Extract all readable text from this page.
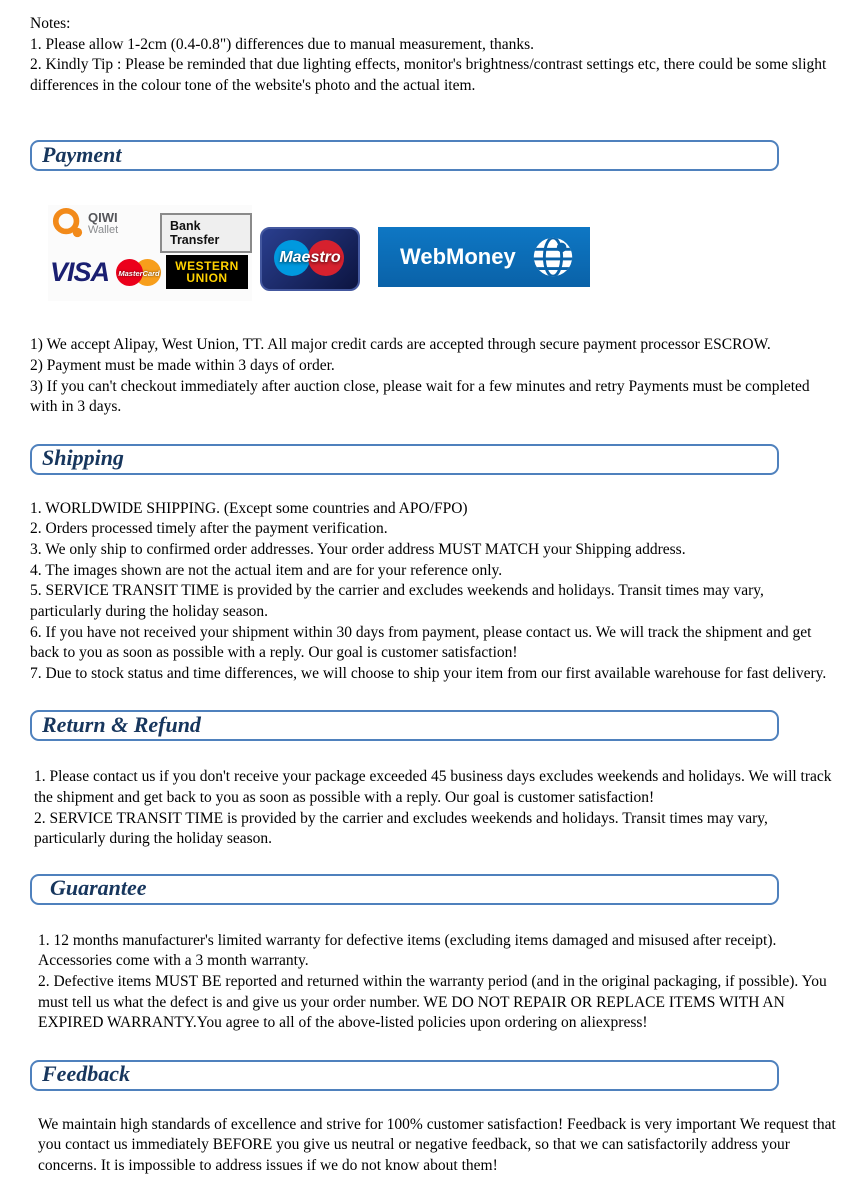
Notes:

1. Please allow 1-2cm (0.4-0.8") differences due to manual measurement, thanks.

2. Kindly Tip : Please be reminded that due lighting effects, monitor's brightness/contrast settings etc, there could be some slight differences in the colour tone of the website's photo and the actual item.

Payment
QIWI
Wallet	Bank Transfer
VISA	MasterCard
WESTERN
UNION
Maestro	WebMoney

1) We accept Alipay, West Union, TT. All major credit cards are accepted through secure payment processor ESCROW.

2) Payment must be made within 3 days of order.

3) If you can't checkout immediately after auction close, please wait for a few minutes and retry Payments must be completed with in 3 days.

Shipping

1. WORLDWIDE SHIPPING. (Except some countries and APO/FPO)

2. Orders processed timely after the payment verification.

3. We only ship to confirmed order addresses. Your order address MUST MATCH your Shipping address.

4. The images shown are not the actual item and are for your reference only.

5. SERVICE TRANSIT TIME is provided by the carrier and excludes weekends and holidays. Transit times may vary, particularly during the holiday season.

6. If you have not received your shipment within 30 days from payment, please contact us. We will track the shipment and get back to you as soon as possible with a reply. Our goal is customer satisfaction!

7. Due to stock status and time differences, we will choose to ship your item from our first available warehouse for fast delivery.

Return & Refund

1. Please contact us if you don't receive your package exceeded 45 business days excludes weekends and holidays. We will track the shipment and get back to you as soon as possible with a reply. Our goal is customer satisfaction!

2. SERVICE TRANSIT TIME is provided by the carrier and excludes weekends and holidays. Transit times may vary, particularly during the holiday season.

Guarantee

1. 12 months manufacturer's limited warranty for defective items (excluding items damaged and misused after receipt). Accessories come with a 3 month warranty.

2. Defective items MUST BE reported and returned within the warranty period (and in the original packaging, if possible). You must tell us what the defect is and give us your order number. WE DO NOT REPAIR OR REPLACE ITEMS WITH AN EXPIRED WARRANTY.You agree to all of the above-listed policies upon ordering on aliexpress!

Feedback

We maintain high standards of excellence and strive for 100% customer satisfaction! Feedback is very important We request that you contact us immediately BEFORE you give us neutral or negative feedback, so that we can satisfactorily address your concerns. It is impossible to address issues if we do not know about them!
